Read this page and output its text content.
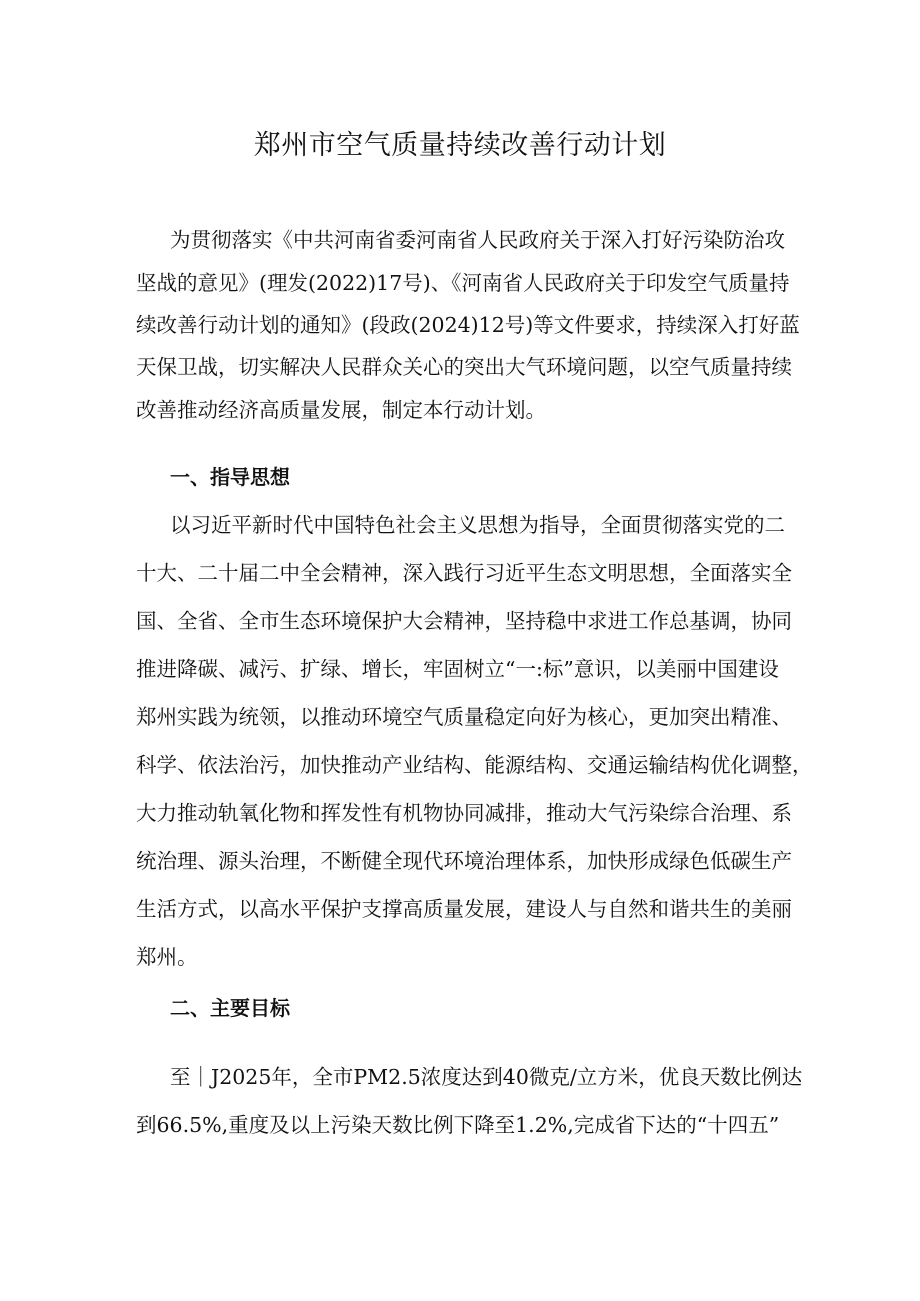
郑州市空气质量持续改善行动计划

为贯彻落实《中共河南省委河南省人民政府关于深入打好污染防治攻

坚战的意见》(理发(2022)17号)、《河南省人民政府关于印发空气质量持

续改善行动计划的通知》(段政(2024)12号)等文件要求，持续深入打好蓝

天保卫战，切实解决人民群众关心的突出大气环境问题，以空气质量持续

改善推动经济高质量发展，制定本行动计划。

一、指导思想

以习近平新时代中国特色社会主义思想为指导，全面贯彻落实党的二

十大、二十届二中全会精神，深入践行习近平生态文明思想，全面落实全

国、全省、全市生态环境保护大会精神，坚持稳中求进工作总基调，协同

推进降碳、减污、扩绿、增长，牢固树立“一:标”意识，以美丽中国建设

郑州实践为统领，以推动环境空气质量稳定向好为核心，更加突出精准、

科学、依法治污，加快推动产业结构、能源结构、交通运输结构优化调整，

大力推动轨氧化物和挥发性有机物协同减排，推动大气污染综合治理、系

统治理、源头治理，不断健全现代环境治理体系，加快形成绿色低碳生产

生活方式，以高水平保护支撑高质量发展，建设人与自然和谐共生的美丽

郑州。

二、主要目标

至｜J2025年，全市PM2.5浓度达到40微克/立方米，优良天数比例达

到66.5%,重度及以上污染天数比例下降至1.2%,完成省下达的“十四五”
